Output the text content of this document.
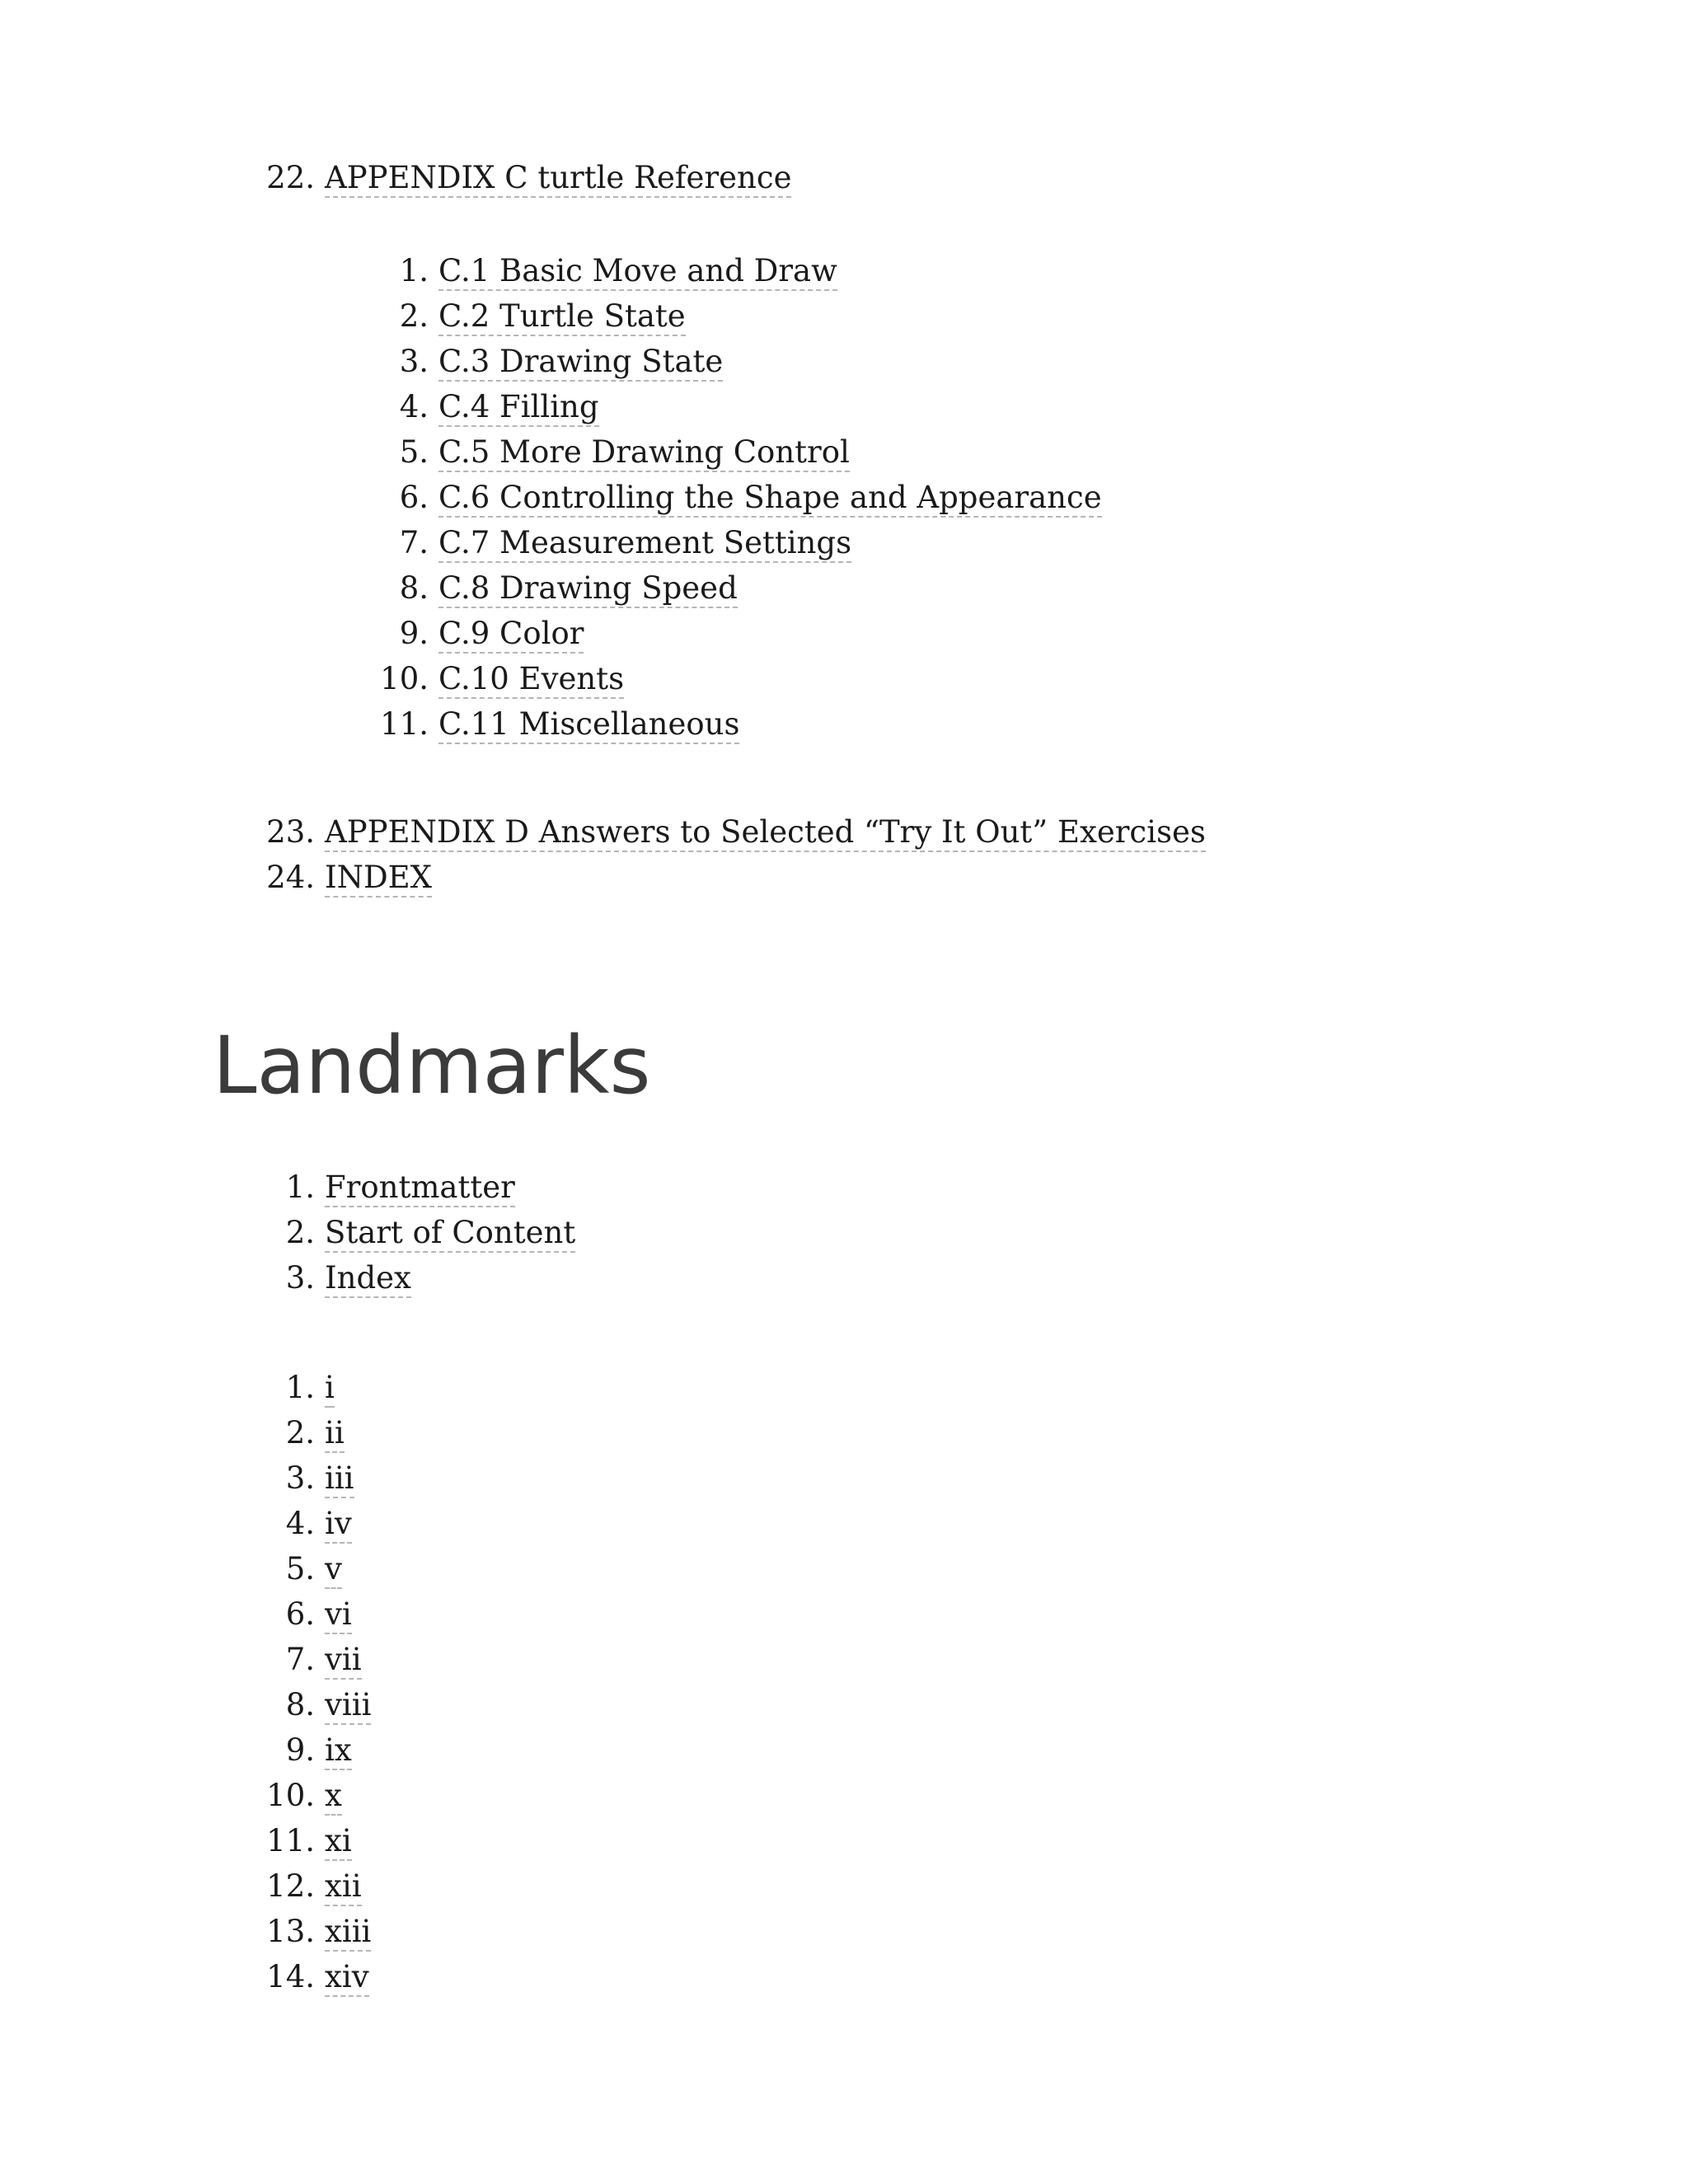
22. APPENDIX C turtle Reference
1. C.1 Basic Move and Draw
2. C.2 Turtle State
3. C.3 Drawing State
4. C.4 Filling
5. C.5 More Drawing Control
6. C.6 Controlling the Shape and Appearance
7. C.7 Measurement Settings
8. C.8 Drawing Speed
9. C.9 Color
10. C.10 Events
11. C.11 Miscellaneous
23. APPENDIX D Answers to Selected “Try It Out” Exercises
24. INDEX
Landmarks
1. Frontmatter
2. Start of Content
3. Index
1. i
2. ii
3. iii
4. iv
5. v
6. vi
7. vii
8. viii
9. ix
10. x
11. xi
12. xii
13. xiii
14. xiv
